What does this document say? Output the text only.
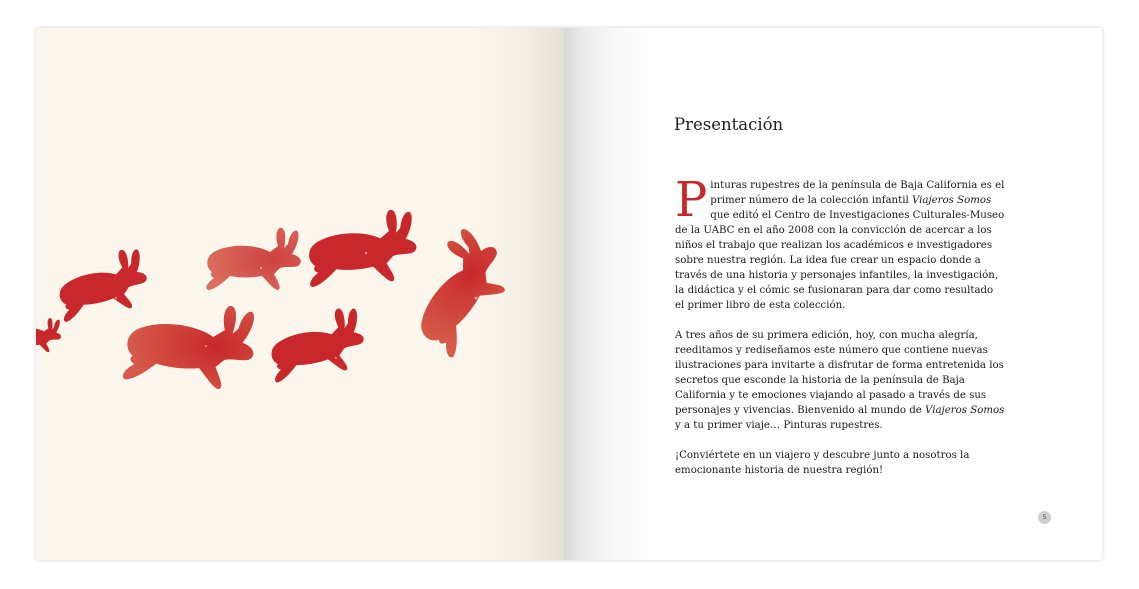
Presentación

Pinturas rupestres de la península de Baja California es el primer número de la colección infantil Viajeros Somos que editó el Centro de Investigaciones Culturales-Museo de la UABC en el año 2008 con la convicción de acercar a los niños el trabajo que realizan los académicos e investigadores sobre nuestra región. La idea fue crear un espacio donde a través de una historia y personajes infantiles, la investigación, la didáctica y el cómic se fusionaran para dar como resultado el primer libro de esta colección.

A tres años de su primera edición, hoy, con mucha alegría, reeditamos y rediseñamos este número que contiene nuevas ilustraciones para invitarte a disfrutar de forma entretenida los secretos que esconde la historia de la península de Baja California y te emociones viajando al pasado a través de sus personajes y vivencias. Bienvenido al mundo de Viajeros Somos y a tu primer viaje… Pinturas rupestres.

¡Conviértete en un viajero y descubre junto a nosotros la emocionante historia de nuestra región!

5
